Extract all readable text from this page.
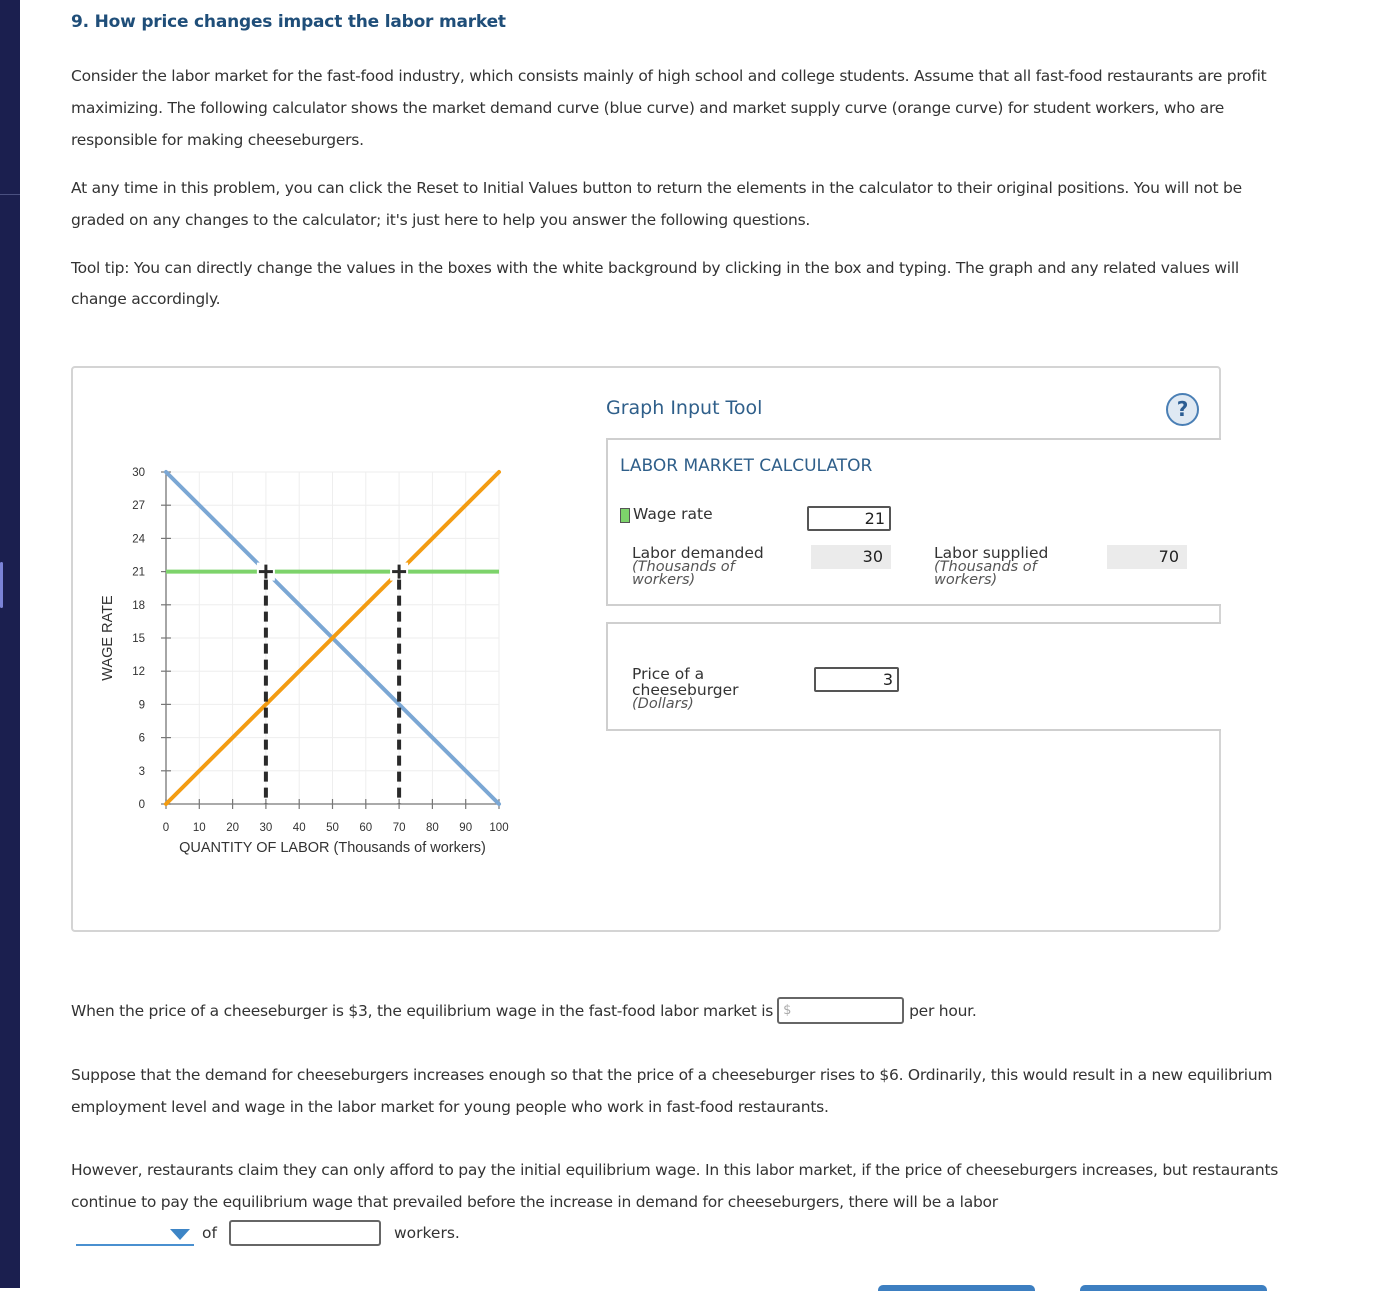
9. How price changes impact the labor market
Consider the labor market for the fast-food industry, which consists mainly of high school and college students. Assume that all fast-food restaurants are profit maximizing. The following calculator shows the market demand curve (blue curve) and market supply curve (orange curve) for student workers, who are responsible for making cheeseburgers.
At any time in this problem, you can click the Reset to Initial Values button to return the elements in the calculator to their original positions. You will not be graded on any changes to the calculator; it's just here to help you answer the following questions.
Tool tip: You can directly change the values in the boxes with the white background by clicking in the box and typing. The graph and any related values will change accordingly.
0
3
6
9
12
15
18
21
24
27
30
0 10 20 30 40 50 60 70 80 90 100
QUANTITY OF LABOR (Thousands of workers)
WAGE RATE
Graph Input Tool	?
LABOR MARKET CALCULATOR
Wage rate	21
Labor demanded
(Thousands of workers)
30	Labor supplied
(Thousands of workers)
70
Price of a
cheeseburger
(Dollars)
3
When the price of a cheeseburger is $3, the equilibrium wage in the fast-food labor market is $	per hour.
Suppose that the demand for cheeseburgers increases enough so that the price of a cheeseburger rises to $6. Ordinarily, this would result in a new equilibrium employment level and wage in the labor market for young people who work in fast-food restaurants.
However, restaurants claim they can only afford to pay the initial equilibrium wage. In this labor market, if the price of cheeseburgers increases, but restaurants continue to pay the equilibrium wage that prevailed before the increase in demand for cheeseburgers, there will be a labor
of	workers.
